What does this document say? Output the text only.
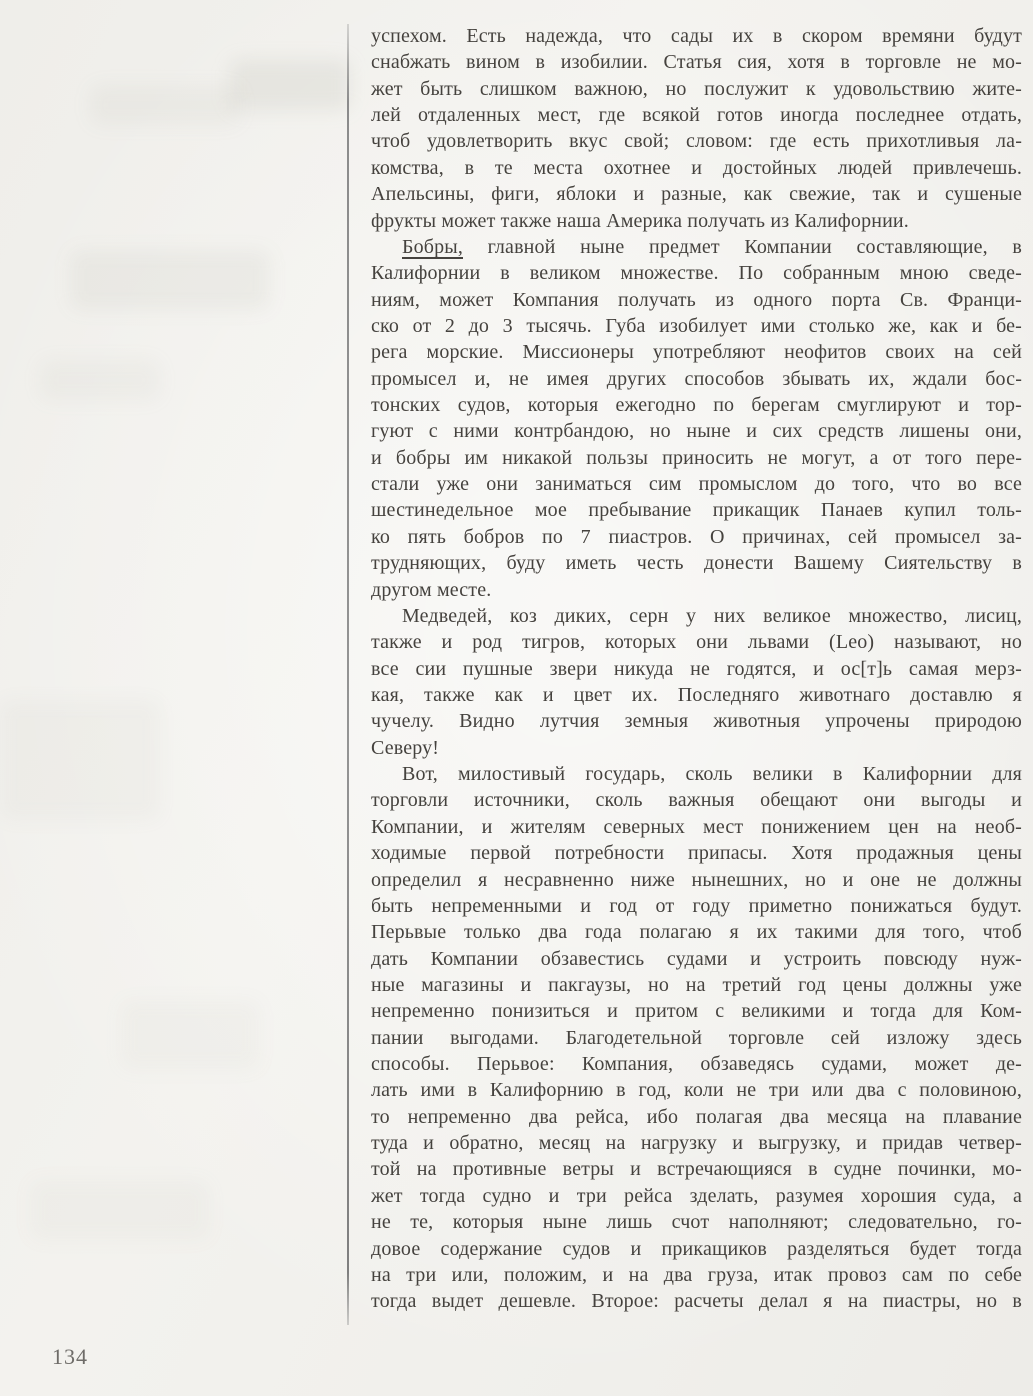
успехом. Есть надежда, что сады их в скором времяни будут
снабжать вином в изобилии. Статья сия, хотя в торговле не мо-
жет быть слишком важною, но послужит к удовольствию жите-
лей отдаленных мест, где всякой готов иногда последнее отдать,
чтоб удовлетворить вкус свой; словом: где есть прихотливыя ла-
комства, в те места охотнее и достойных людей привлечешь.
Апельсины, фиги, яблоки и разные, как свежие, так и сушеные
фрукты может также наша Америка получать из Калифорнии.
Бобры, главной ныне предмет Компании составляющие, в
Калифорнии в великом множестве. По собранным мною сведе-
ниям, может Компания получать из одного порта Св. Франци-
ско от 2 до 3 тысячь. Губа изобилует ими столько же, как и бе-
рега морские. Миссионеры употребляют неофитов своих на сей
промысел и, не имея других способов збывать их, ждали бос-
тонских судов, которыя ежегодно по берегам смуглируют и тор-
гуют с ними контрбандою, но ныне и сих средств лишены они,
и бобры им никакой пользы приносить не могут, а от того пере-
стали уже они заниматься сим промыслом до того, что во все
шестинедельное мое пребывание прикащик Панаев купил толь-
ко пять бобров по 7 пиастров. О причинах, сей промысел за-
трудняющих, буду иметь честь донести Вашему Сиятельству в
другом месте.
Медведей, коз диких, серн у них великое множество, лисиц,
также и род тигров, которых они львами (Leo) называют, но
все сии пушные звери никуда не годятся, и ос[т]ь самая мерз-
кая, также как и цвет их. Последняго животнаго доставлю я
чучелу. Видно лутчия земныя животныя упрочены природою
Северу!
Вот, милостивый государь, сколь велики в Калифорнии для
торговли источники, сколь важныя обещают они выгоды и
Компании, и жителям северных мест понижением цен на необ-
ходимые первой потребности припасы. Хотя продажныя цены
определил я несравненно ниже нынешних, но и оне не должны
быть непременными и год от году приметно понижаться будут.
Перьвые только два года полагаю я их такими для того, чтоб
дать Компании обзавестись судами и устроить повсюду нуж-
ные магазины и пакгаузы, но на третий год цены должны уже
непременно понизиться и притом с великими и тогда для Ком-
пании выгодами. Благодетельной торговле сей изложу здесь
способы. Перьвое: Компания, обзаведясь судами, может де-
лать ими в Калифорнию в год, коли не три или два с половиною,
то непременно два рейса, ибо полагая два месяца на плавание
туда и обратно, месяц на нагрузку и выгрузку, и придав четвер-
той на противные ветры и встречающияся в судне починки, мо-
жет тогда судно и три рейса зделать, разумея хорошия суда, а
не те, которыя ныне лишь счот наполняют; следовательно, го-
довое содержание судов и прикащиков разделяться будет тогда
на три или, положим, и на два груза, итак провоз сам по себе
тогда выдет дешевле. Второе: расчеты делал я на пиастры, но в
134
